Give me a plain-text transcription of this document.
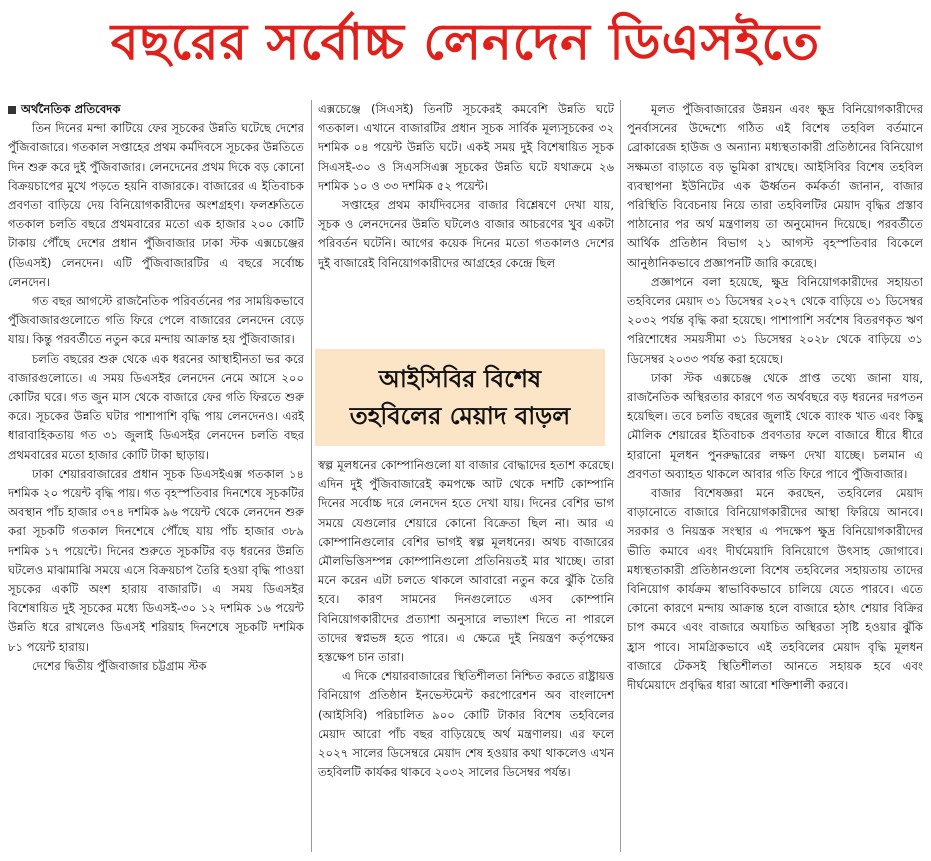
বছরের সর্বোচ্চ লেনদেন ডিএসইতে

অর্থনৈতিক প্রতিবেদক

তিন দিনের মন্দা কাটিয়ে ফের সূচকের উন্নতি ঘটেছে দেশের পুঁজিবাজারে। গতকাল সপ্তাহের প্রথম কর্মদিবসে সূচকের উন্নতিতে দিন শুরু করে দুই পুঁজিবাজার। লেনদেনের প্রথম দিকে বড় কোনো বিক্রয়চাপের মুখে পড়তে হয়নি বাজারকে। বাজারের এ ইতিবাচক প্রবণতা বাড়িয়ে দেয় বিনিয়োগকারীদের অংশগ্রহণ। ফলশ্রুতিতে গতকাল চলতি বছরে প্রথমবারের মতো এক হাজার ২০০ কোটি টাকায় পৌঁছে দেশের প্রধান পুঁজিবাজার ঢাকা স্টক এক্সচেঞ্জের (ডিএসই) লেনদেন। এটি পুঁজিবাজারটির এ বছরে সর্বোচ্চ লেনদেন।

গত বছর আগস্টে রাজনৈতিক পরিবর্তনের পর সাময়িকভাবে পুঁজিবাজারগুলোতে গতি ফিরে পেলে বাজারের লেনদেন বেড়ে যায়। কিন্তু পরবর্তীতে নতুন করে মন্দায় আক্রান্ত হয় পুঁজিবাজার।

চলতি বছরের শুরু থেকে এক ধরনের আস্থাহীনতা ভর করে বাজারগুলোতে। এ সময় ডিএসইর লেনদেন নেমে আসে ২০০ কোটির ঘরে। গত জুন মাস থেকে বাজারে ফের গতি ফিরতে শুরু করে। সূচকের উন্নতি ঘটার পাশাপাশি বৃদ্ধি পায় লেনদেনও। এরই ধারাবাহিকতায় গত ৩১ জুলাই ডিএসইর লেনদেন চলতি বছর প্রথমবারের মতো হাজার কোটি টাকা ছাড়ায়।

ঢাকা শেয়ারবাজারের প্রধান সূচক ডিএসইএক্স গতকাল ১৪ দশমিক ২০ পয়েন্ট বৃদ্ধি পায়। গত বৃহস্পতিবার দিনশেষে সূচকটির অবস্থান পাঁচ হাজার ৩৭৪ দশমিক ৯৬ পয়েন্ট থেকে লেনদেন শুরু করা সূচকটি গতকাল দিনশেষে পৌঁছে যায় পাঁচ হাজার ৩৮৯ দশমিক ১৭ পয়েন্টে। দিনের শুরুতে সূচকটির বড় ধরনের উন্নতি ঘটলেও মাঝামাঝি সময়ে এসে বিক্রয়চাপ তৈরি হওয়া বৃদ্ধি পাওয়া সূচকের একটি অংশ হারায় বাজারটি। এ সময় ডিএসইর বিশেষায়িত দুই সূচকের মধ্যে ডিএসই-৩০ ১২ দশমিক ১৬ পয়েন্ট উন্নতি ধরে রাখলেও ডিএসই শরিয়াহ দিনশেষে সূচকটি দশমিক ৮১ পয়েন্ট হারায়।

দেশের দ্বিতীয় পুঁজিবাজার চট্টগ্রাম স্টক

এক্সচেঞ্জে (সিএসই) তিনটি সূচকেরই কমবেশি উন্নতি ঘটে গতকাল। এখানে বাজারটির প্রধান সূচক সার্বিক মূল্যসূচকের ৩২ দশমিক ০৪ পয়েন্ট উন্নতি ঘটে। একই সময় দুই বিশেষায়িত সূচক সিএসই-৩০ ও সিএসসিএক্স সূচকের উন্নতি ঘটে যথাক্রমে ২৬ দশমিক ১০ ও ৩৩ দশমিক ৫২ পয়েন্ট।

সপ্তাহের প্রথম কার্যদিবসের বাজার বিশ্লেষণে দেখা যায়, সূচক ও লেনদেনের উন্নতি ঘটলেও বাজার আচরণের খুব একটা পরিবর্তন ঘটেনি। আগের কয়েক দিনের মতো গতকালও দেশের দুই বাজারেই বিনিয়োগকারীদের আগ্রহের কেন্দ্রে ছিল

আইসিবির বিশেষ
তহবিলের মেয়াদ বাড়ল

স্বল্প মূলধনের কোম্পানিগুলো যা বাজার বোদ্ধাদের হতাশ করেছে। এদিন দুই পুঁজিবাজারেই কমপক্ষে আট থেকে দশটি কোম্পানি দিনের সর্বোচ্চ দরে লেনদেন হতে দেখা যায়। দিনের বেশির ভাগ সময়ে যেগুলোর শেয়ারে কোনো বিক্রেতা ছিল না। আর এ কোম্পানিগুলোর বেশির ভাগই স্বল্প মূলধনের। অথচ বাজারের মৌলভিত্তিসম্পন্ন কোম্পানিগুলো প্রতিনিয়তই মার খাচ্ছে। তারা মনে করেন এটা চলতে থাকলে আবারো নতুন করে ঝুঁকি তৈরি হবে। কারণ সামনের দিনগুলোতে এসব কোম্পানি বিনিয়োগকারীদের প্রত্যাশা অনুসারে লভ্যাংশ দিতে না পারলে তাদের স্বপ্নভঙ্গ হতে পারে। এ ক্ষেত্রে দুই নিয়ন্ত্রণ কর্তৃপক্ষের হস্তক্ষেপ চান তারা।

এ দিকে শেয়ারবাজারের স্থিতিশীলতা নিশ্চিত করতে রাষ্ট্রায়ত্ত বিনিয়োগ প্রতিষ্ঠান ইনভেস্টমেন্ট করপোরেশন অব বাংলাদেশ (আইসিবি) পরিচালিত ৯০০ কোটি টাকার বিশেষ তহবিলের মেয়াদ আরো পাঁচ বছর বাড়িয়েছে অর্থ মন্ত্রণালয়। এর ফলে ২০২৭ সালের ডিসেম্বরে মেয়াদ শেষ হওয়ার কথা থাকলেও এখন তহবিলটি কার্যকর থাকবে ২০৩২ সালের ডিসেম্বর পর্যন্ত।

মূলত পুঁজিবাজারের উন্নয়ন এবং ক্ষুদ্র বিনিয়োগকারীদের পুনর্বাসনের উদ্দেশ্যে গঠিত এই বিশেষ তহবিল বর্তমানে ব্রোকারেজ হাউজ ও অন্যান্য মধ্যস্থতাকারী প্রতিষ্ঠানের বিনিয়োগ সক্ষমতা বাড়াতে বড় ভূমিকা রাখছে। আইসিবির বিশেষ তহবিল ব্যবস্থাপনা ইউনিটের এক ঊর্ধ্বতন কর্মকর্তা জানান, বাজার পরিস্থিতি বিবেচনায় নিয়ে তারা তহবিলটির মেয়াদ বৃদ্ধির প্রস্তাব পাঠানোর পর অর্থ মন্ত্রণালয় তা অনুমোদন দিয়েছে। পরবর্তীতে আর্থিক প্রতিষ্ঠান বিভাগ ২১ আগস্ট বৃহস্পতিবার বিকেলে আনুষ্ঠানিকভাবে প্রজ্ঞাপনটি জারি করেছে।

প্রজ্ঞাপনে বলা হয়েছে, ক্ষুদ্র বিনিয়োগকারীদের সহায়তা তহবিলের মেয়াদ ৩১ ডিসেম্বর ২০২৭ থেকে বাড়িয়ে ৩১ ডিসেম্বর ২০৩২ পর্যন্ত বৃদ্ধি করা হয়েছে। পাশাপাশি সর্বশেষ বিতরণকৃত ঋণ পরিশোধের সময়সীমা ৩১ ডিসেম্বর ২০২৮ থেকে বাড়িয়ে ৩১ ডিসেম্বর ২০৩৩ পর্যন্ত করা হয়েছে।

ঢাকা স্টক এক্সচেঞ্জ থেকে প্রাপ্ত তথ্যে জানা যায়, রাজনৈতিক অস্থিরতার কারণে গত অর্থবছরে বড় ধরনের দরপতন হয়েছিল। তবে চলতি বছরের জুলাই থেকে ব্যাংক খাত এবং কিছু মৌলিক শেয়ারের ইতিবাচক প্রবণতার ফলে বাজারে ধীরে ধীরে হারানো মূলধন পুনরুদ্ধারের লক্ষণ দেখা যাচ্ছে। চলমান এ প্রবণতা অব্যাহত থাকলে আবার গতি ফিরে পাবে পুঁজিবাজার।

বাজার বিশেষজ্ঞরা মনে করছেন, তহবিলের মেয়াদ বাড়ানোতে বাজারে বিনিয়োগকারীদের আস্থা ফিরিয়ে আনবে। সরকার ও নিয়ন্ত্রক সংস্থার এ পদক্ষেপ ক্ষুদ্র বিনিয়োগকারীদের ভীতি কমাবে এবং দীর্ঘমেয়াদি বিনিয়োগে উৎসাহ জোগাবে। মধ্যস্থতাকারী প্রতিষ্ঠানগুলো বিশেষ তহবিলের সহায়তায় তাদের বিনিয়োগ কার্যক্রম স্বাভাবিকভাবে চালিয়ে যেতে পারবে। এতে কোনো কারণে মন্দায় আক্রান্ত হলে বাজারে হঠাৎ শেয়ার বিক্রির চাপ কমবে এবং বাজারে অযাচিত অস্থিরতা সৃষ্টি হওয়ার ঝুঁকি হ্রাস পাবে। সামগ্রিকভাবে এই তহবিলের মেয়াদ বৃদ্ধি মূলধন বাজারে টেকসই স্থিতিশীলতা আনতে সহায়ক হবে এবং দীর্ঘমেয়াদে প্রবৃদ্ধির ধারা আরো শক্তিশালী করবে।
